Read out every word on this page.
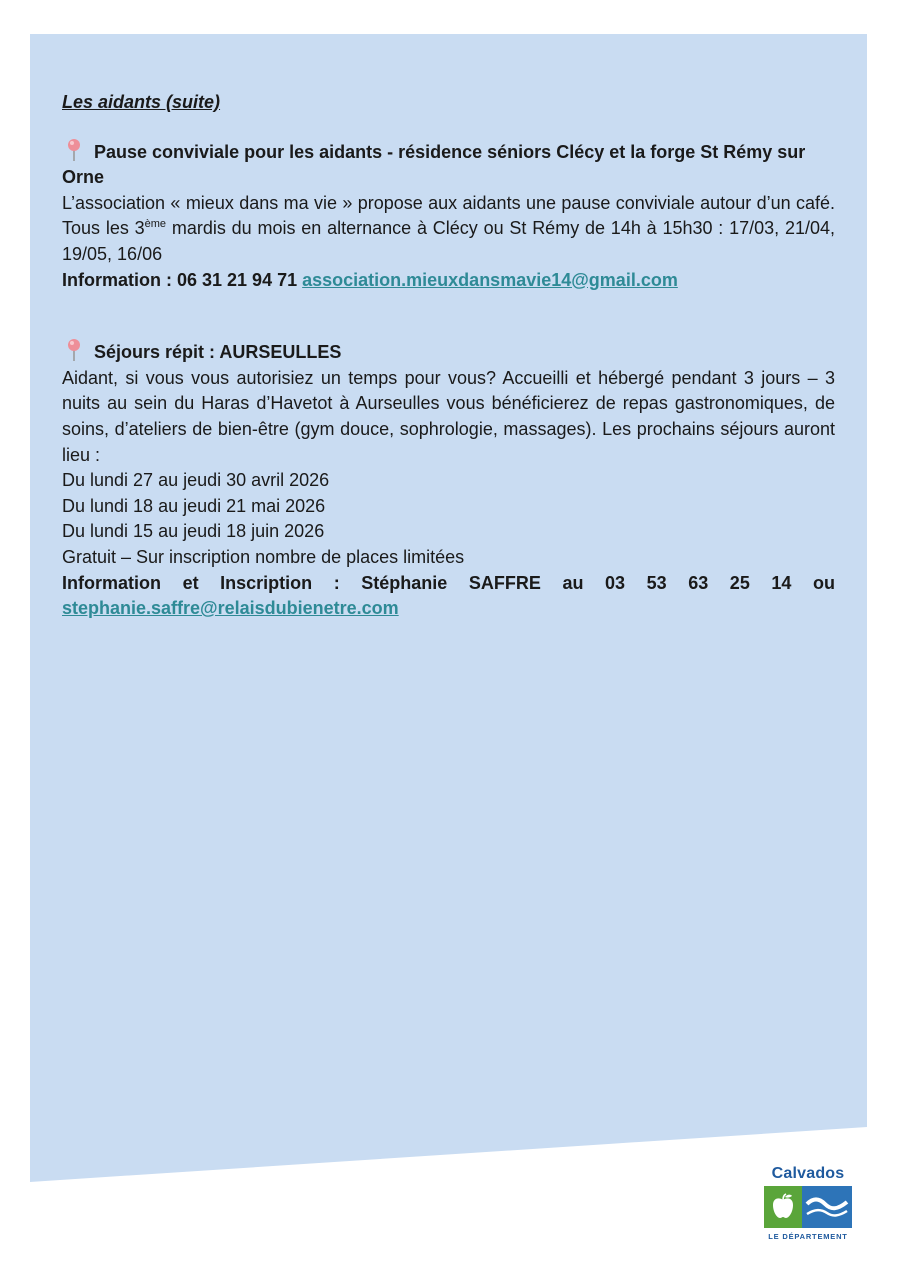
Les aidants (suite)

Pause conviviale pour les aidants - résidence séniors Clécy et la forge St Rémy sur Orne

L’association « mieux dans ma vie » propose aux aidants une pause conviviale autour d’un café. Tous les 3ème mardis du mois en alternance à Clécy ou St Rémy de 14h à 15h30 : 17/03, 21/04, 19/05, 16/06

Information : 06 31 21 94 71 association.mieuxdansmavie14@gmail.com

Séjours répit : AURSEULLES

Aidant, si vous vous autorisiez un temps pour vous? Accueilli et hébergé pendant 3 jours – 3 nuits au sein du Haras d’Havetot à Aurseulles vous bénéficierez de repas gastronomiques, de soins, d’ateliers de bien-être (gym douce, sophrologie, massages). Les prochains séjours auront lieu :

Du lundi 27 au jeudi 30 avril 2026

Du lundi 18 au jeudi 21 mai 2026

Du lundi 15 au jeudi 18 juin 2026

Gratuit – Sur inscription nombre de places limitées

Information et Inscription : Stéphanie SAFFRE au 03 53 63 25 14 ou

stephanie.saffre@relaisdubienetre.com

Calvados
LE DÉPARTEMENT
